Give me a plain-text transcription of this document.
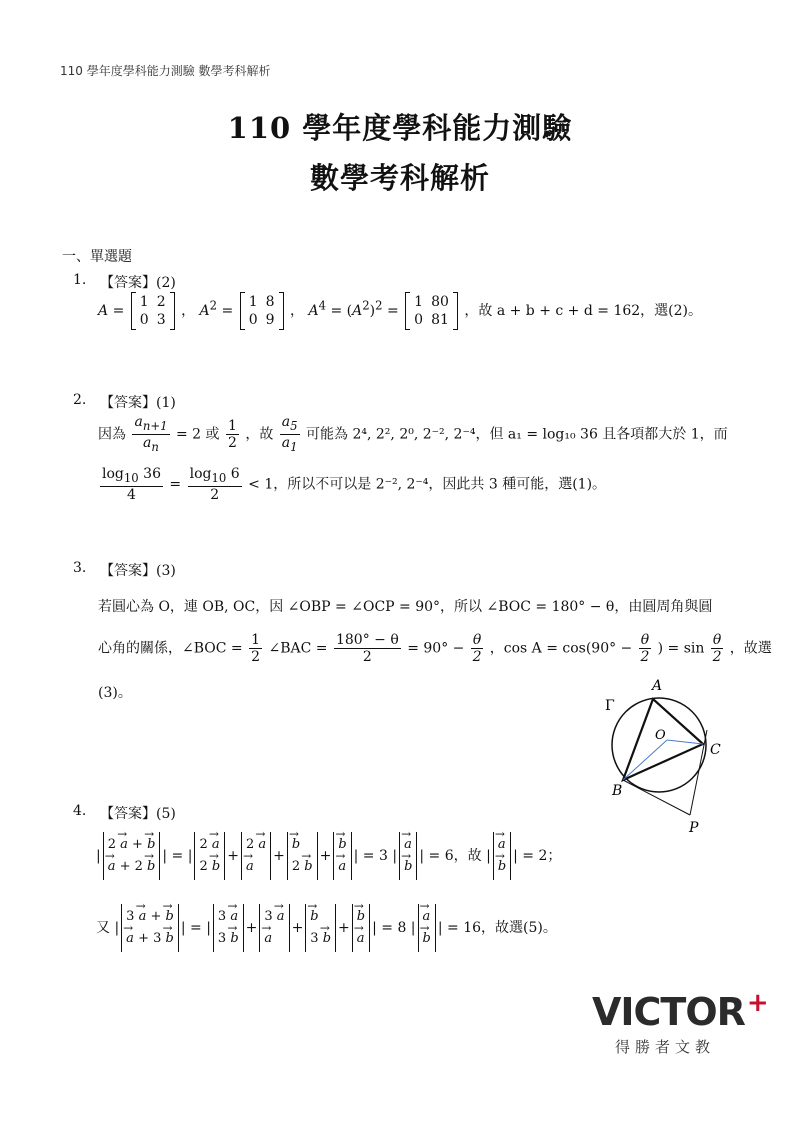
110 學年度學科能力測驗 數學考科解析
110 學年度學科能力測驗
數學考科解析
一、單選題
1. 【答案】(2)
A =
1	2
0	3
， $A^2$ =
1	8
0	9
， $A^4 = (A^2)^2$ =
1	80
0	81
，故 a + b + c + d = 162，選(2)。
2. 【答案】(1)
因為 $\frac{a_{n+1}}{a_n} = 2$ 或 $\frac{1}{2}$ ，故 $\frac{a_5}{a_1}$ 可能為 2⁴, 2², 2⁰, 2⁻², 2⁻⁴，但 a₁ = log₁₀ 36 且各項都大於 1，而
$\frac{\log_{10} 36}{4} = \frac{\log_{10} 6}{2} < 1$，所以不可以是 2⁻², 2⁻⁴，因此共 3 種可能，選(1)。
3. 【答案】(3)
若圓心為 O，連 OB, OC，因 ∠OBP = ∠OCP = 90°，所以 ∠BOC = 180° − θ，由圓周角與圓
心角的關係，∠BOC = $\frac{1}{2}$ ∠BAC = $\frac{180^\circ - \theta}{2} = 90^\circ - \frac{\theta}{2}$ ，$\cos A = \cos(90^\circ - \frac{\theta}{2}$ ) = $\sin \frac{\theta}{2}$ ，故選
(3)。	A
B
C
O
P
Γ
4. 【答案】(5)
|
2 → a + → b
→ a + 2 → b
| = |
2 → a
2 → b
+
2 → a
→ a
+
→ b
2 → b
+
→ b
→ a
| = 3 |
→ a
→ b
| = 6，故 |
→ a
→ b
| = 2；
又 |
3 → a + → b
→ a + 3 → b
| = |
3 → a
3 → b
+
3 → a
→ a
+
→ b
3 → b
+
→ b
→ a
| = 8 |
→ a
→ b
| = 16，故選(5)。
VICTOR+
得勝者文教
